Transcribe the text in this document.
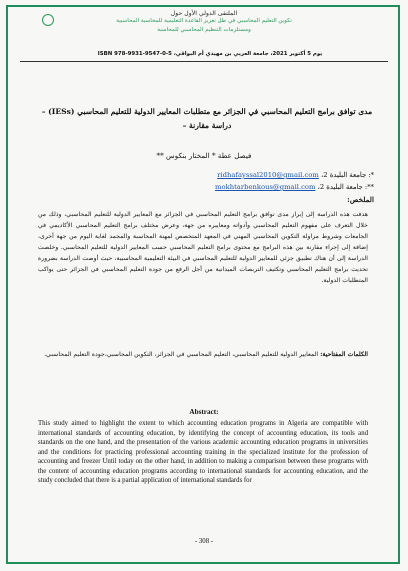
الملتقى الدولي الأول حول
تكوين التعليم المحاسبي في ظل تعزيز القاعدة التعليمية للمحاسبة المحاسبية
ومستلزمات التنظيم المحاسبي للمحاسبة
يوم 5 أكتوبر 2021، جامعة العربي بن مهيدي أم البواقي، ISBN 978-9931-9547-0-5
مدى توافق برامج التعليم المحاسبي في الجزائر مع متطلبات المعايير الدولية للتعليم المحاسبي (IESs) – دراسة مقارنة –
فيصل عطة * المختار بنكوس **
*: جامعة البليدة 2، ridhafayssal2010@gmail.com
**: جامعة البليدة 2، mokhtarbenkous@gmail.com
الملخص:
هدفت هذه الدراسة إلى إبراز مدى توافق برامج التعليم المحاسبي في الجزائر مع المعايير الدولية للتعليم المحاسبي، وذلك من خلال التعرف على مفهوم التعليم المحاسبي وأدواته ومعاييره من جهة، وعرض مختلف برامج التعليم المحاسبي الأكاديمي في الجامعات وشروط مزاولة التكوين المحاسبي المهني في المعهد المتخصص لمهنة المحاسبة والمجمد لغاية اليوم من جهة أخرى، إضافة إلى إجراء مقارنة بين هذه البرامج مع محتوى برامج التعليم المحاسبي حسب المعايير الدولية للتعليم المحاسبي. وخلصت الدراسة إلى أن هناك تطبيق جزئي للمعايير الدولية للتعليم المحاسبي في البيئة التعليمية المحاسبية، حيث أوصت الدراسة بضرورة تحديث برامج التعليم المحاسبي وتكثيف التربصات الميدانية من أجل الرفع من جودة التعليم المحاسبي في الجزائر حتى يواكب المتطلبات الدولية.
الكلمات المفتاحية: المعايير الدولية للتعليم المحاسبي، التعليم المحاسبي في الجزائر، التكوين المحاسبي،جودة التعليم المحاسبي.
Abstract:
This study aimed to highlight the extent to which accounting education programs in Algeria are compatible with international standards of accounting education, by identifying the concept of accounting education, its tools and standards on the one hand, and the presentation of the various academic accounting education programs in universities and the conditions for practicing professional accounting training in the specialized institute for the profession of accounting and freezer Until today on the other hand, in addition to making a comparison between these programs with the content of accounting education programs according to international standards for accounting education, and the study concluded that there is a partial application of international standards for
- 308 -
